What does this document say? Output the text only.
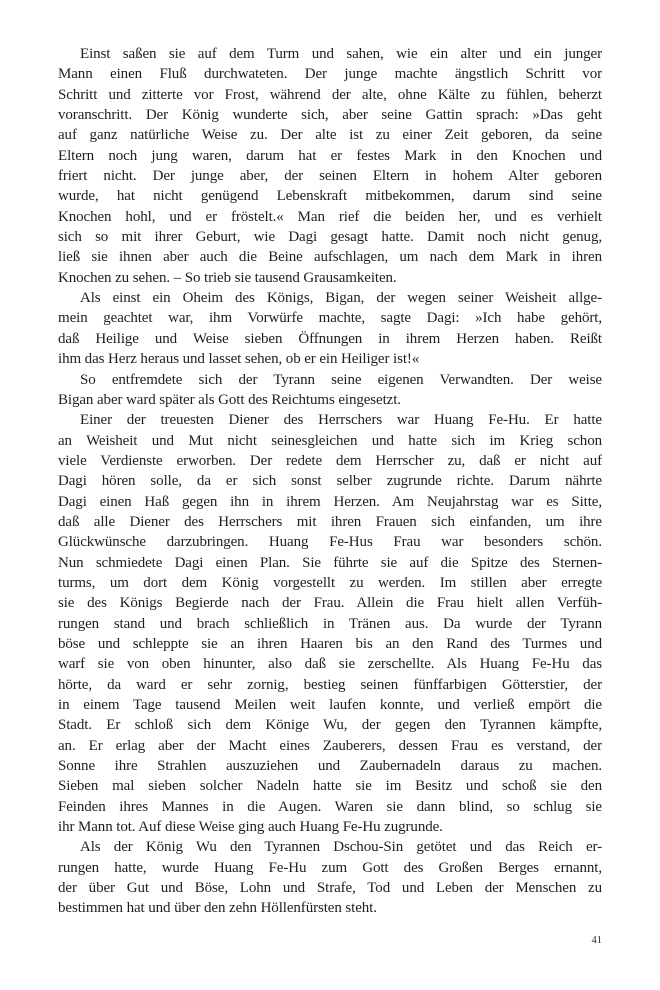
Einst saßen sie auf dem Turm und sahen, wie ein alter und ein junger
Mann einen Fluß durchwateten. Der junge machte ängstlich Schritt vor
Schritt und zitterte vor Frost, während der alte, ohne Kälte zu fühlen, beherzt
voranschritt. Der König wunderte sich, aber seine Gattin sprach: »Das geht
auf ganz natürliche Weise zu. Der alte ist zu einer Zeit geboren, da seine
Eltern noch jung waren, darum hat er festes Mark in den Knochen und
friert nicht. Der junge aber, der seinen Eltern in hohem Alter geboren
wurde, hat nicht genügend Lebenskraft mitbekommen, darum sind seine
Knochen hohl, und er fröstelt.« Man rief die beiden her, und es verhielt
sich so mit ihrer Geburt, wie Dagi gesagt hatte. Damit noch nicht genug,
ließ sie ihnen aber auch die Beine aufschlagen, um nach dem Mark in ihren
Knochen zu sehen. – So trieb sie tausend Grausamkeiten.
Als einst ein Oheim des Königs, Bigan, der wegen seiner Weisheit allge-
mein geachtet war, ihm Vorwürfe machte, sagte Dagi: »Ich habe gehört,
daß Heilige und Weise sieben Öffnungen in ihrem Herzen haben. Reißt
ihm das Herz heraus und lasset sehen, ob er ein Heiliger ist!«
So entfremdete sich der Tyrann seine eigenen Verwandten. Der weise
Bigan aber ward später als Gott des Reichtums eingesetzt.
Einer der treuesten Diener des Herrschers war Huang Fe-Hu. Er hatte
an Weisheit und Mut nicht seinesgleichen und hatte sich im Krieg schon
viele Verdienste erworben. Der redete dem Herrscher zu, daß er nicht auf
Dagi hören solle, da er sich sonst selber zugrunde richte. Darum nährte
Dagi einen Haß gegen ihn in ihrem Herzen. Am Neujahrstag war es Sitte,
daß alle Diener des Herrschers mit ihren Frauen sich einfanden, um ihre
Glückwünsche darzubringen. Huang Fe-Hus Frau war besonders schön.
Nun schmiedete Dagi einen Plan. Sie führte sie auf die Spitze des Sternen-
turms, um dort dem König vorgestellt zu werden. Im stillen aber erregte
sie des Königs Begierde nach der Frau. Allein die Frau hielt allen Verfüh-
rungen stand und brach schließlich in Tränen aus. Da wurde der Tyrann
böse und schleppte sie an ihren Haaren bis an den Rand des Turmes und
warf sie von oben hinunter, also daß sie zerschellte. Als Huang Fe-Hu das
hörte, da ward er sehr zornig, bestieg seinen fünffarbigen Götterstier, der
in einem Tage tausend Meilen weit laufen konnte, und verließ empört die
Stadt. Er schloß sich dem Könige Wu, der gegen den Tyrannen kämpfte,
an. Er erlag aber der Macht eines Zauberers, dessen Frau es verstand, der
Sonne ihre Strahlen auszuziehen und Zaubernadeln daraus zu machen.
Sieben mal sieben solcher Nadeln hatte sie im Besitz und schoß sie den
Feinden ihres Mannes in die Augen. Waren sie dann blind, so schlug sie
ihr Mann tot. Auf diese Weise ging auch Huang Fe-Hu zugrunde.
Als der König Wu den Tyrannen Dschou-Sin getötet und das Reich er-
rungen hatte, wurde Huang Fe-Hu zum Gott des Großen Berges ernannt,
der über Gut und Böse, Lohn und Strafe, Tod und Leben der Menschen zu
bestimmen hat und über den zehn Höllenfürsten steht.
41
